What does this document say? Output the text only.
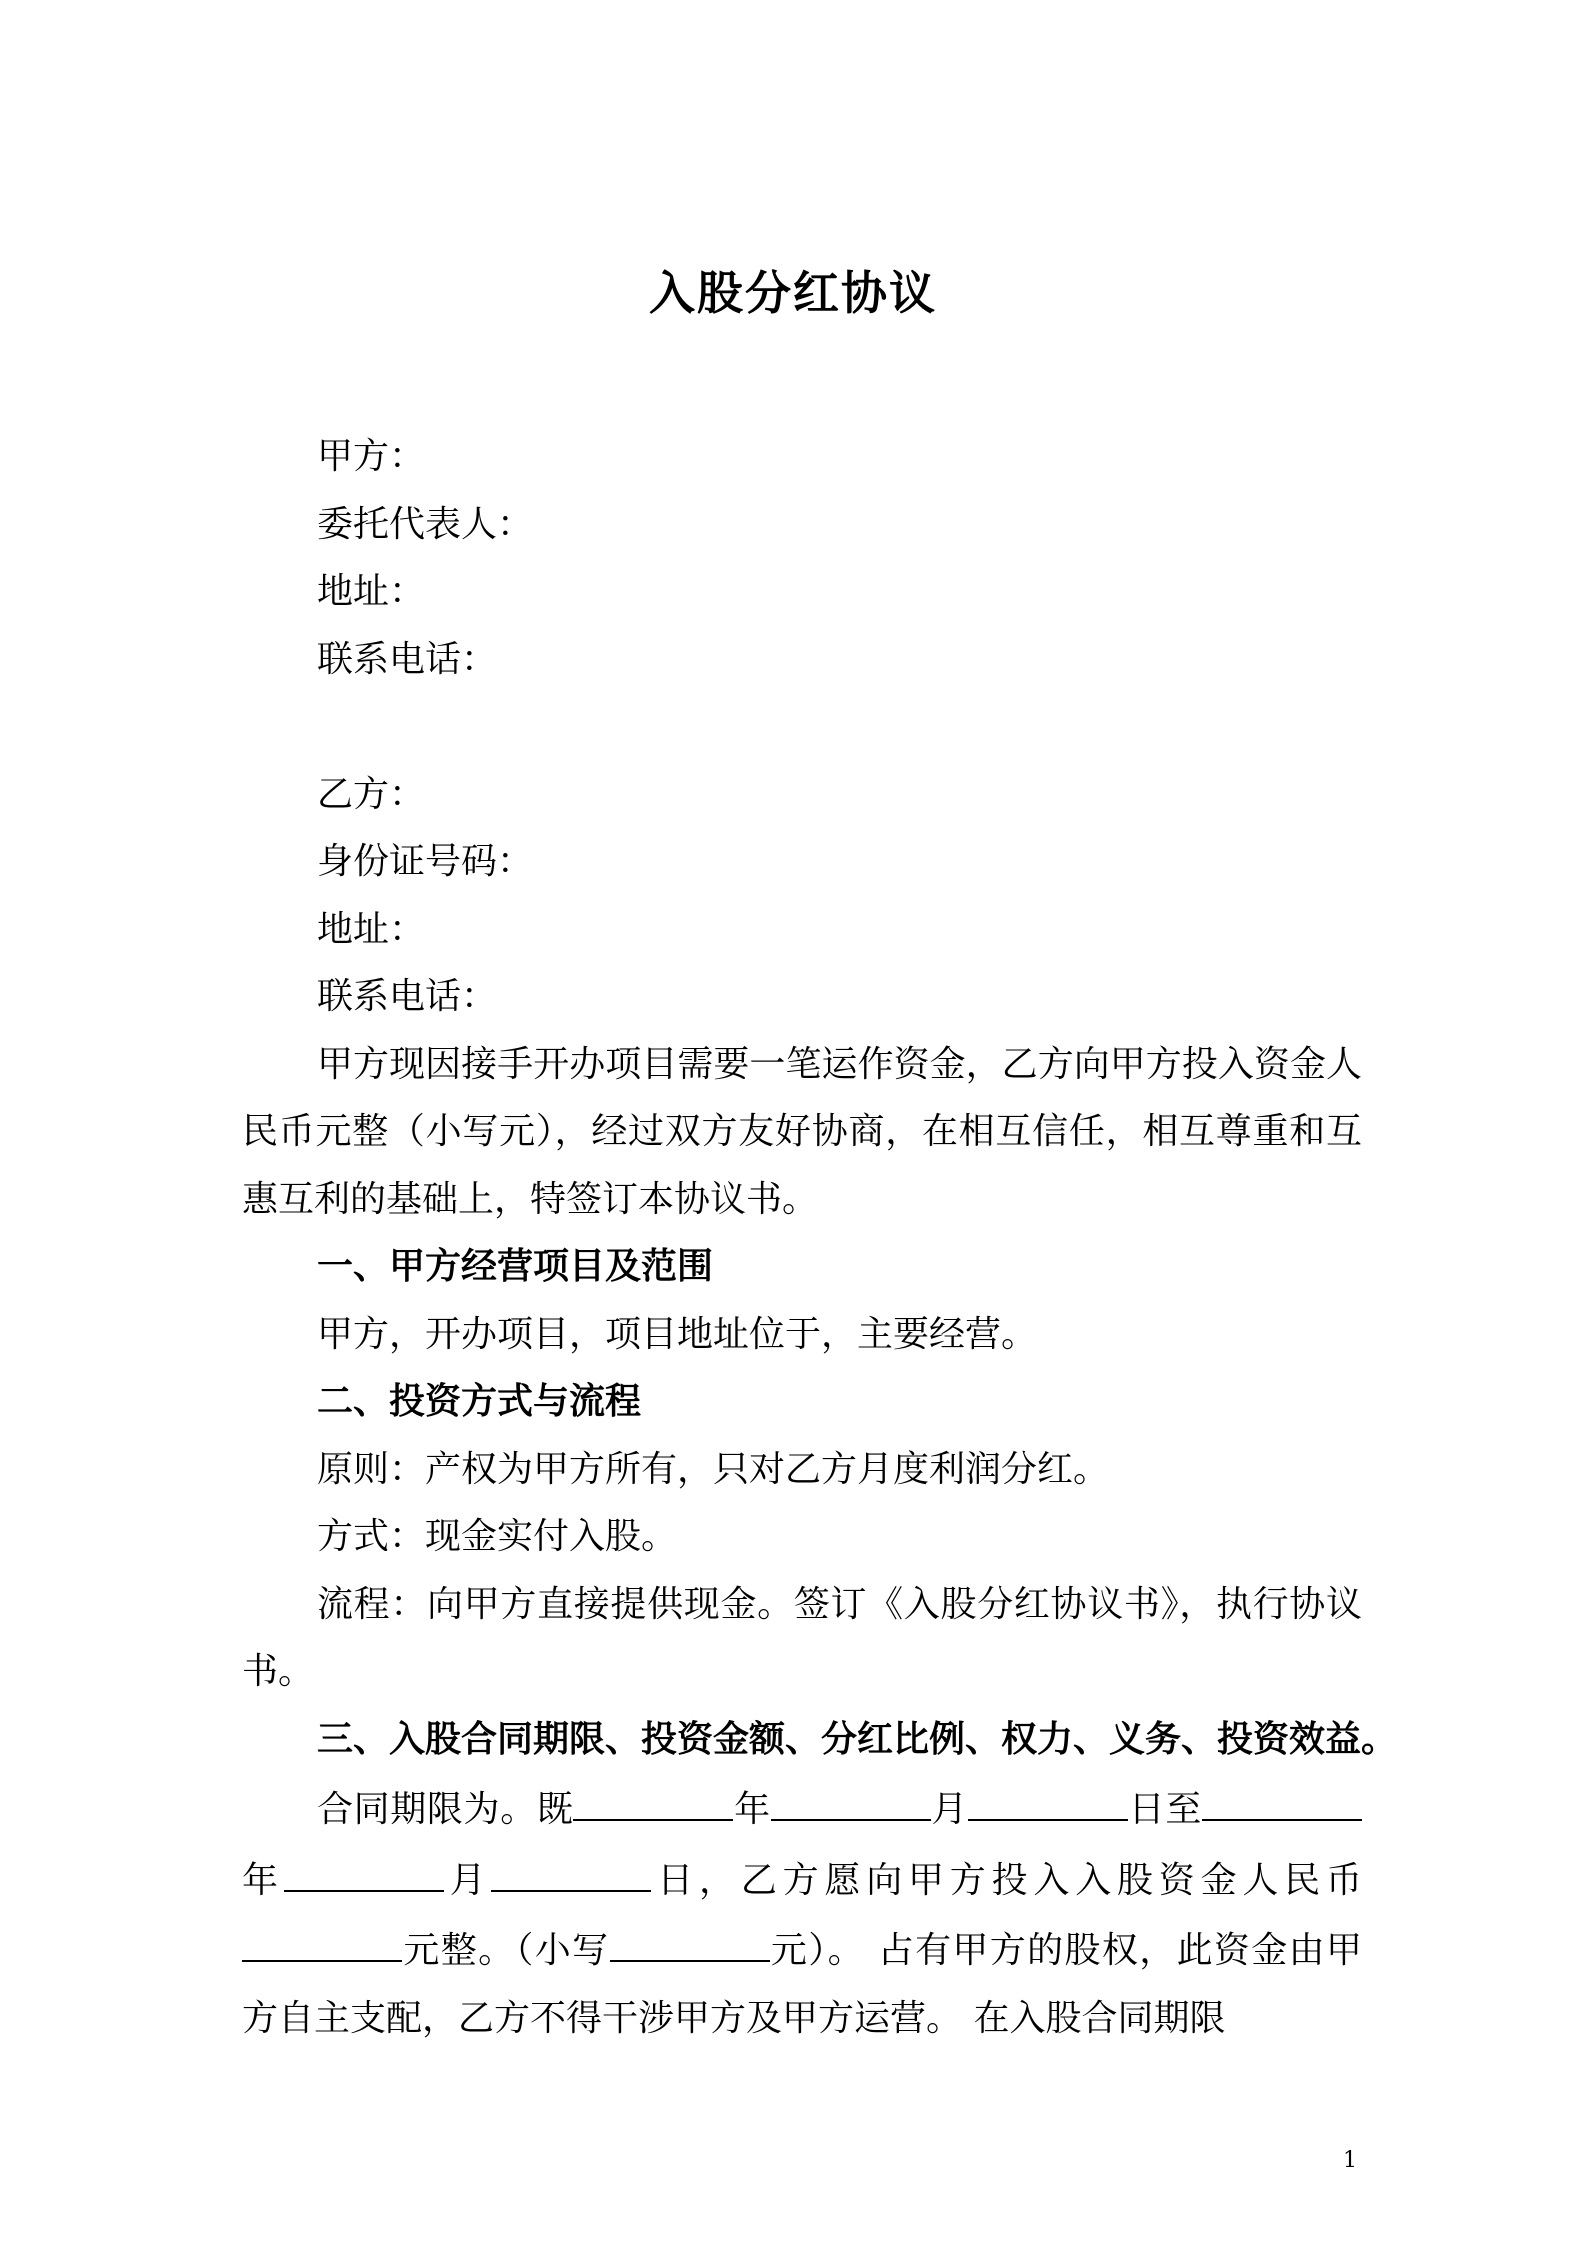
入股分红协议

甲方：

委托代表人：

地址：

联系电话：

乙方：

身份证号码：

地址：

联系电话：

甲方现因接手开办项目需要一笔运作资金，乙方向甲方投入资金人民币元整（小写元），经过双方友好协商，在相互信任，相互尊重和互惠互利的基础上，特签订本协议书。

一、甲方经营项目及范围

甲方，开办项目，项目地址位于，主要经营。

二、投资方式与流程

原则：产权为甲方所有，只对乙方月度利润分红。

方式：现金实付入股。

流程：向甲方直接提供现金。签订《入股分红协议书》，执行协议书。

三、入股合同期限、投资金额、分红比例、权力、义务、投资效益。

合同期限为。既	年	月	日至年	月	日，乙方愿向甲方投入入股资金人民币元整。（小写	元）。 占有甲方的股权，此资金由甲方自主支配，乙方不得干涉甲方及甲方运营。 在入股合同期限

1
